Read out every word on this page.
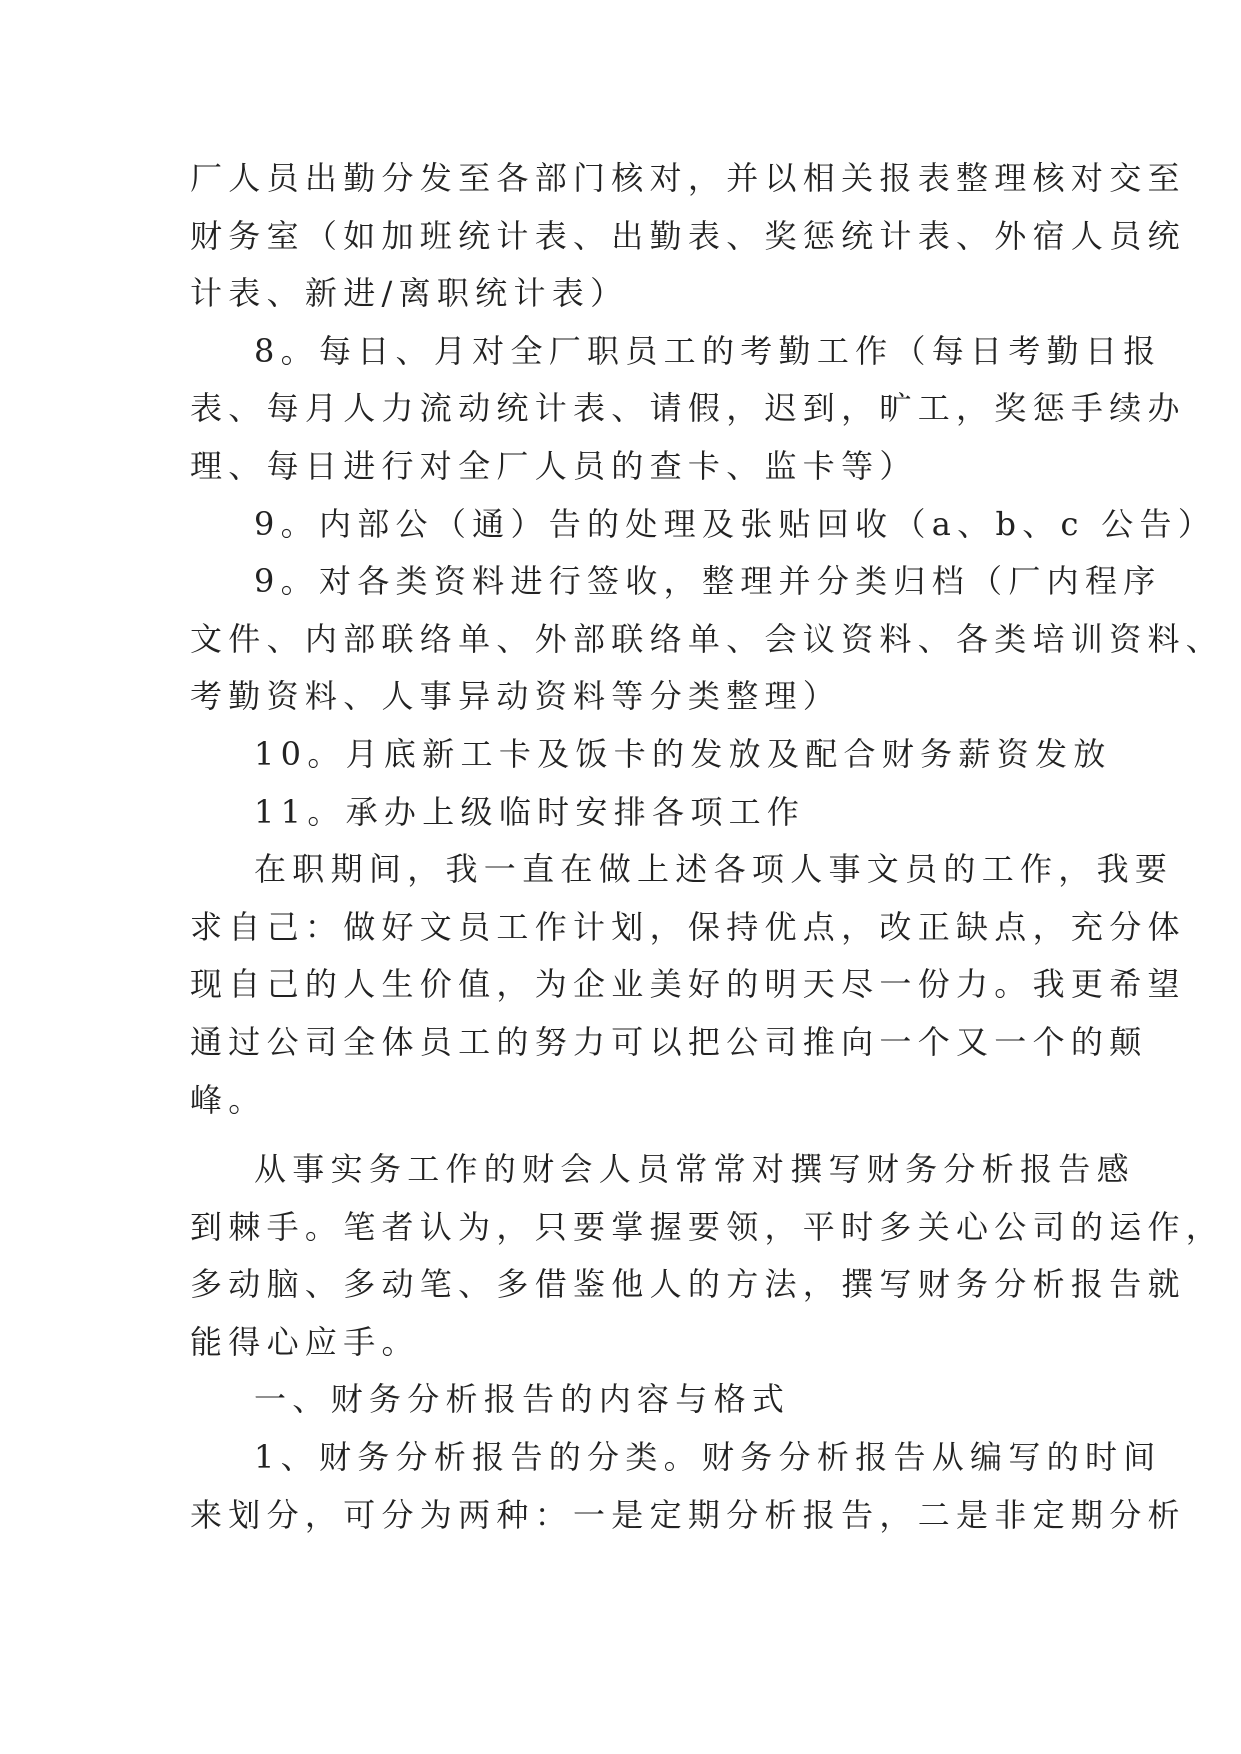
厂人员出勤分发至各部门核对，并以相关报表整理核对交至
财务室（如加班统计表、出勤表、奖惩统计表、外宿人员统
计表、新进/离职统计表）
8。每日、月对全厂职员工的考勤工作（每日考勤日报
表、每月人力流动统计表、请假，迟到，旷工，奖惩手续办
理、每日进行对全厂人员的查卡、监卡等）
9。内部公（通）告的处理及张贴回收（a、b、c 公告）
9。对各类资料进行签收，整理并分类归档（厂内程序
文件、内部联络单、外部联络单、会议资料、各类培训资料、
考勤资料、人事异动资料等分类整理）
10。月底新工卡及饭卡的发放及配合财务薪资发放
11。承办上级临时安排各项工作
在职期间，我一直在做上述各项人事文员的工作，我要
求自己：做好文员工作计划，保持优点，改正缺点，充分体
现自己的人生价值，为企业美好的明天尽一份力。我更希望
通过公司全体员工的努力可以把公司推向一个又一个的颠
峰。
从事实务工作的财会人员常常对撰写财务分析报告感
到棘手。笔者认为，只要掌握要领，平时多关心公司的运作，
多动脑、多动笔、多借鉴他人的方法，撰写财务分析报告就
能得心应手。
一、财务分析报告的内容与格式
1、财务分析报告的分类。财务分析报告从编写的时间
来划分，可分为两种：一是定期分析报告，二是非定期分析
